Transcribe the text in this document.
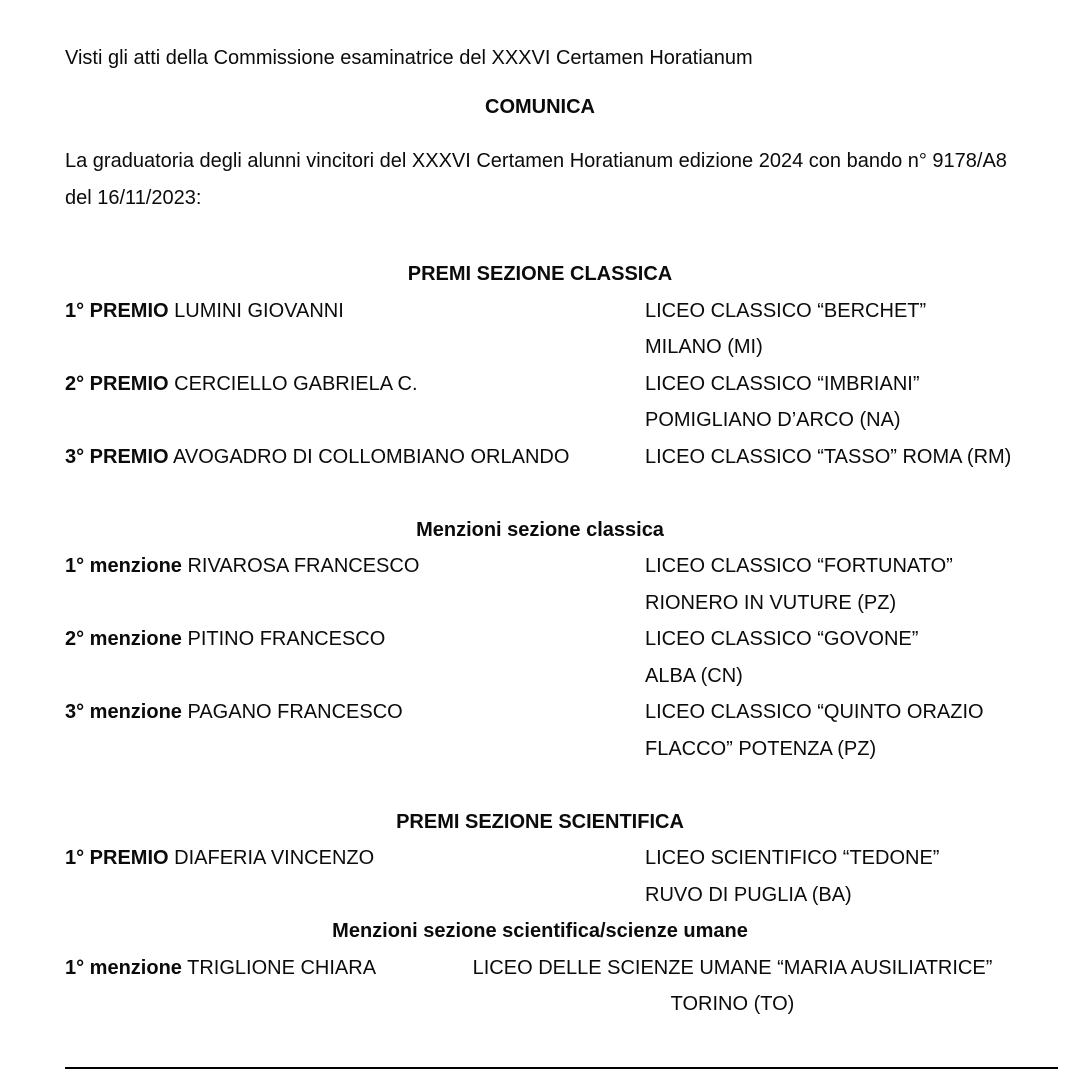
Visti gli atti della Commissione esaminatrice del XXXVI Certamen Horatianum
COMUNICA
La graduatoria degli alunni vincitori del XXXVI Certamen Horatianum edizione 2024 con bando n° 9178/A8 del 16/11/2023:
PREMI SEZIONE CLASSICA
1° PREMIO LUMINI GIOVANNI	LICEO CLASSICO “BERCHET”
MILANO (MI)
2° PREMIO CERCIELLO GABRIELA C.	LICEO CLASSICO “IMBRIANI”
POMIGLIANO D’ARCO (NA)
3° PREMIO AVOGADRO DI COLLOMBIANO ORLANDO	LICEO CLASSICO “TASSO” ROMA (RM)
Menzioni sezione classica
1° menzione RIVAROSA FRANCESCO	LICEO CLASSICO “FORTUNATO”
RIONERO IN VUTURE (PZ)
2° menzione PITINO FRANCESCO	LICEO CLASSICO “GOVONE”
ALBA (CN)
3° menzione PAGANO FRANCESCO	LICEO CLASSICO “QUINTO ORAZIO
FLACCO” POTENZA (PZ)
PREMI SEZIONE SCIENTIFICA
1° PREMIO DIAFERIA VINCENZO	LICEO SCIENTIFICO “TEDONE”
RUVO DI PUGLIA (BA)
Menzioni sezione scientifica/scienze umane
1° menzione TRIGLIONE CHIARA	LICEO DELLE SCIENZE UMANE “MARIA AUSILIATRICE”
TORINO (TO)
